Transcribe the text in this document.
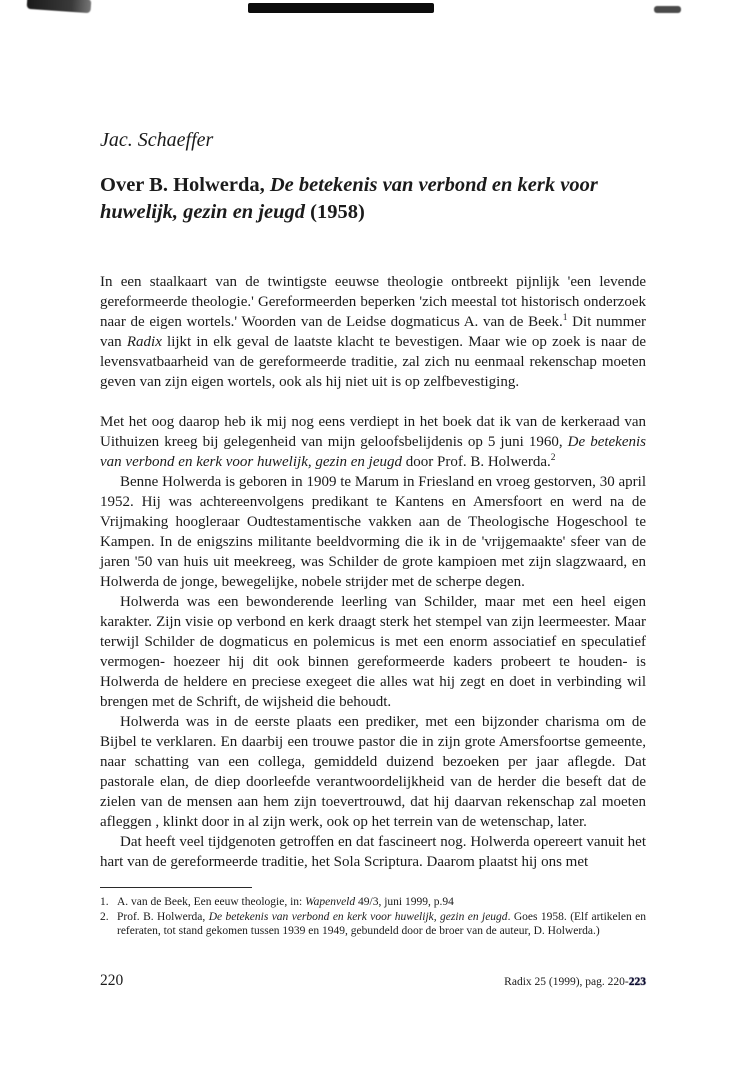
Jac. Schaeffer
Over B. Holwerda, De betekenis van verbond en kerk voor huwelijk, gezin en jeugd (1958)

In een staalkaart van de twintigste eeuwse theologie ontbreekt pijnlijk 'een levende gereformeerde theologie.' Gereformeerden beperken 'zich meestal tot historisch onderzoek naar de eigen wortels.' Woorden van de Leidse dogmaticus A. van de Beek.$^1$ Dit nummer van Radix lijkt in elk geval de laatste klacht te bevestigen. Maar wie op zoek is naar de levensvatbaarheid van de gereformeerde traditie, zal zich nu eenmaal rekenschap moeten geven van zijn eigen wortels, ook als hij niet uit is op zelfbevestiging.

Met het oog daarop heb ik mij nog eens verdiept in het boek dat ik van de kerkeraad van Uithuizen kreeg bij gelegenheid van mijn geloofsbelijdenis op 5 juni 1960, De betekenis van verbond en kerk voor huwelijk, gezin en jeugd door Prof. B. Holwerda.$^2$

Benne Holwerda is geboren in 1909 te Marum in Friesland en vroeg gestorven, 30 april 1952. Hij was achtereenvolgens predikant te Kantens en Amersfoort en werd na de Vrijmaking hoogleraar Oudtestamentische vakken aan de Theologische Hogeschool te Kampen. In de enigszins militante beeldvorming die ik in de 'vrijgemaakte' sfeer van de jaren '50 van huis uit meekreeg, was Schilder de grote kampioen met zijn slagzwaard, en Holwerda de jonge, bewegelijke, nobele strijder met de scherpe degen.

Holwerda was een bewonderende leerling van Schilder, maar met een heel eigen karakter. Zijn visie op verbond en kerk draagt sterk het stempel van zijn leermeester. Maar terwijl Schilder de dogmaticus en polemicus is met een enorm associatief en speculatief vermogen- hoezeer hij dit ook binnen gereformeerde kaders probeert te houden- is Holwerda de heldere en preciese exegeet die alles wat hij zegt en doet in verbinding wil brengen met de Schrift, de wijsheid die behoudt.

Holwerda was in de eerste plaats een prediker, met een bijzonder charisma om de Bijbel te verklaren. En daarbij een trouwe pastor die in zijn grote Amersfoortse gemeente, naar schatting van een collega, gemiddeld duizend bezoeken per jaar aflegde. Dat pastorale elan, de diep doorleefde verantwoordelijkheid van de herder die beseft dat de zielen van de mensen aan hem zijn toevertrouwd, dat hij daarvan rekenschap zal moeten afleggen , klinkt door in al zijn werk, ook op het terrein van de wetenschap, later.

Dat heeft veel tijdgenoten getroffen en dat fascineert nog. Holwerda opereert vanuit het hart van de gereformeerde traditie, het Sola Scriptura. Daarom plaatst hij ons met

1. A. van de Beek, Een eeuw theologie, in: Wapenveld 49/3, juni 1999, p.94
2. Prof. B. Holwerda, De betekenis van verbond en kerk voor huwelijk, gezin en jeugd. Goes 1958. (Elf artikelen en referaten, tot stand gekomen tussen 1939 en 1949, gebundeld door de broer van de auteur, D. Holwerda.)
220	Radix 25 (1999), pag. 220-223
